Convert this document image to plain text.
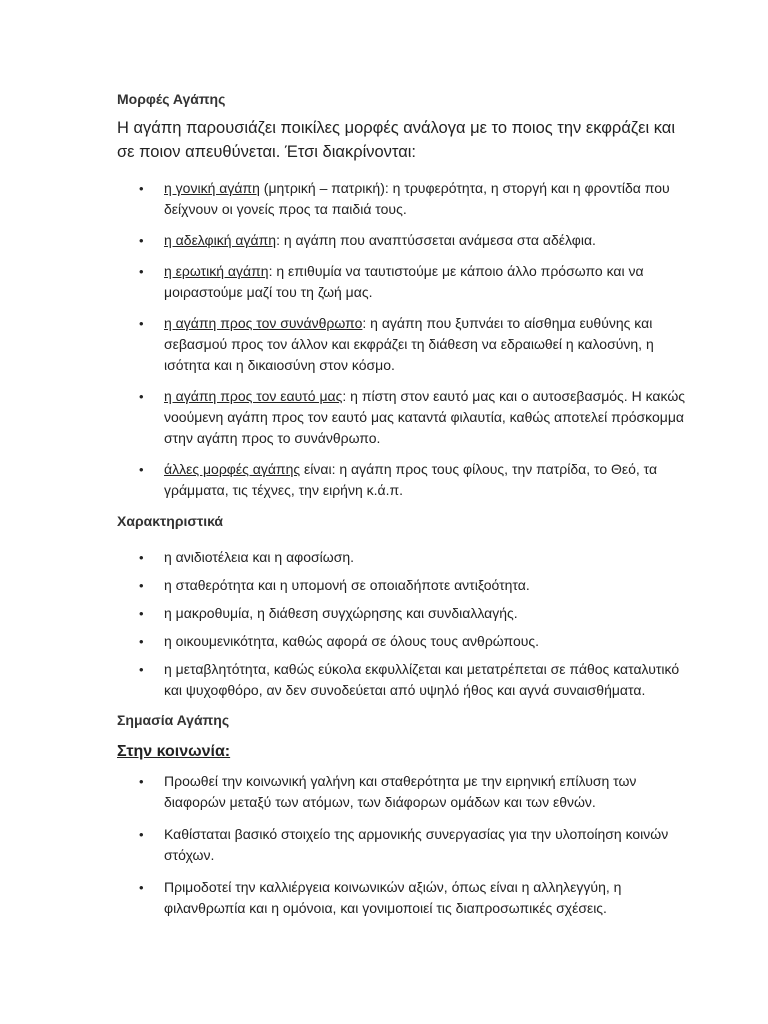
Μορφές Αγάπης

Η αγάπη παρουσιάζει ποικίλες μορφές ανάλογα με το ποιος την εκφράζει και σε ποιον απευθύνεται. Έτσι διακρίνονται:

• η γονική αγάπη (μητρική – πατρική): η τρυφερότητα, η στοργή και η φροντίδα που δείχνουν οι γονείς προς τα παιδιά τους.
• η αδελφική αγάπη: η αγάπη που αναπτύσσεται ανάμεσα στα αδέλφια.
• η ερωτική αγάπη: η επιθυμία να ταυτιστούμε με κάποιο άλλο πρόσωπο και να μοιραστούμε μαζί του τη ζωή μας.
• η αγάπη προς τον συνάνθρωπο: η αγάπη που ξυπνάει το αίσθημα ευθύνης και σεβασμού προς τον άλλον και εκφράζει τη διάθεση να εδραιωθεί η καλοσύνη, η ισότητα και η δικαιοσύνη στον κόσμο.
• η αγάπη προς τον εαυτό μας: η πίστη στον εαυτό μας και ο αυτοσεβασμός. Η κακώς νοούμενη αγάπη προς τον εαυτό μας καταντά φιλαυτία, καθώς αποτελεί πρόσκομμα στην αγάπη προς το συνάνθρωπο.
• άλλες μορφές αγάπης είναι: η αγάπη προς τους φίλους, την πατρίδα, το Θεό, τα γράμματα, τις τέχνες, την ειρήνη κ.ά.π.
Χαρακτηριστικά
• η ανιδιοτέλεια και η αφοσίωση.
• η σταθερότητα και η υπομονή σε οποιαδήποτε αντιξοότητα.
• η μακροθυμία, η διάθεση συγχώρησης και συνδιαλλαγής.
• η οικουμενικότητα, καθώς αφορά σε όλους τους ανθρώπους.
• η μεταβλητότητα, καθώς εύκολα εκφυλλίζεται και μετατρέπεται σε πάθος καταλυτικό και ψυχοφθόρο, αν δεν συνοδεύεται από υψηλό ήθος και αγνά συναισθήματα.
Σημασία Αγάπης
Στην κοινωνία:
• Προωθεί την κοινωνική γαλήνη και σταθερότητα με την ειρηνική επίλυση των διαφορών μεταξύ των ατόμων, των διάφορων ομάδων και των εθνών.
• Καθίσταται βασικό στοιχείο της αρμονικής συνεργασίας για την υλοποίηση κοινών στόχων.
• Πριμοδοτεί την καλλιέργεια κοινωνικών αξιών, όπως είναι η αλληλεγγύη, η φιλανθρωπία και η ομόνοια, και γονιμοποιεί τις διαπροσωπικές σχέσεις.
